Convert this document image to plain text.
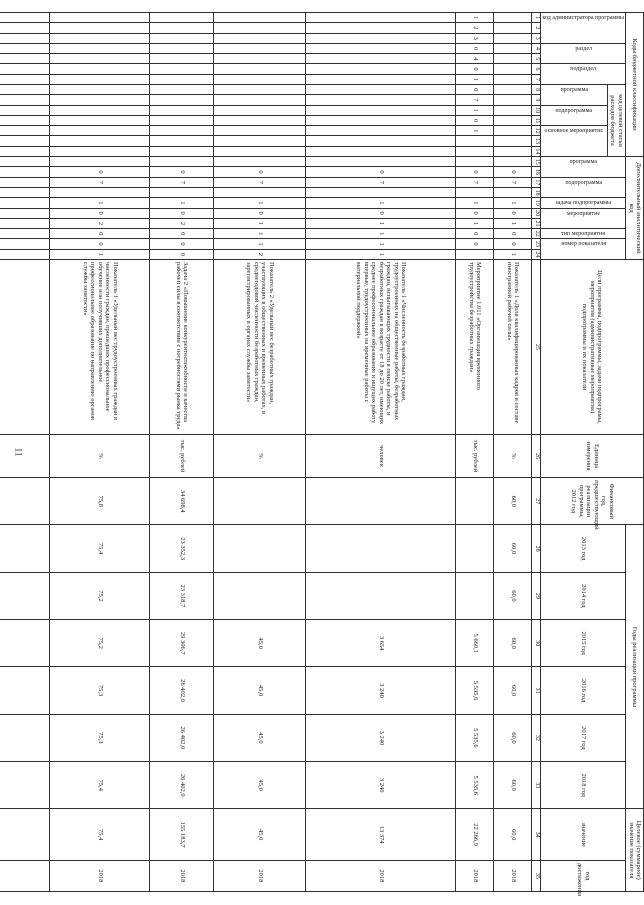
11
Коды бюджетной классификации														Дополнительный аналитический код										Цели программы, подпрограммы, задачи подпрограмы, мероприятия (административные мероприятия) подпрограммы и их показатели	Единица измерения	Финансовый год, предшествующий реализации программы, 2012 год	Годы реализации программы						Целевое (суммарное) значение показателя	

код администратора программы			раздел		подраздел		код целевой статьи расходов бюджета							программа		подпрограмма		задача подпрограммы	мероприятие		тип мероприятия	номер показателя					2013 год	2014 год	2015 год	2016 год	2017 год	2018 год	значение	год достижения

							программа		подпрограмма		основное мероприятие																							

1	2	3	4	5	6	7	8	9	10	11	12	13	14	15	16	17	18	19	20	21	22	23	24	25	26	27	28	29	30	31	32	33	34	35
															0	7		1	0	1	0	0	1	Показатель 1 «Доля квалифицированных кадров в составе иностранной рабочей силы»	%	60,0	60,0	60,0	60,0	60,0	60,0	60,0	60,0	2018
1	2	3	0	4	0	1	0	7	1	0	1				0	7		1	0	1	0	0		Мероприятие 1.011 «Организация временного трудоустройства безработных граждан»	тыс. рублей				5 660,1	5 535,6	5 535,6	5 535,6	22 266,9	2018
															0	7		1	0	1	1	1	1	Показатель 1 «Численность безработных граждан, трудоустроенных на общественные работы, безработных граждан, испытывающих трудности в поиске работы, и безработных граждан в возрасте от 18 до 20 лет, имеющих среднее профессиональное образование и ищущих работу впервые, трудоустроенных на временные работы с материальной поддержкой»	человек				3 654	3 240	3 240	3 240	13 374	2018
															0	7		1	0	1	1	1	2	Показатель 2 «Удельный вес безработных граждан, участвующих в общественных и временных работах, в среднегодовой численности безработных граждан, зарегистрированных в органах службы занятости»	%				45,0	45,0	45,0	45,0	45,0	2018
															0	7		1	0	2	0	0	0	Задача 2 «Повышение конкурентоспособности и качества рабочей силы в соответствии с потребностями рынка труда»	тыс. рублей	34 698,4	23 352,3	23 318,7	29 306,7	26 402,0	26 402,0	26 402,0	155 183,7	2018
															0	7		1	0	2	0	0	1	Показатель 1 «Удельный вес трудоустроенных граждан в численности граждан, прошедших профессиональное обучение или получивших дополнительное профессиональное образование по направлению органов службы занятости»	%	75,8	75,4	75,2	75,2	75,3	75,3	75,4	75,4	2018
